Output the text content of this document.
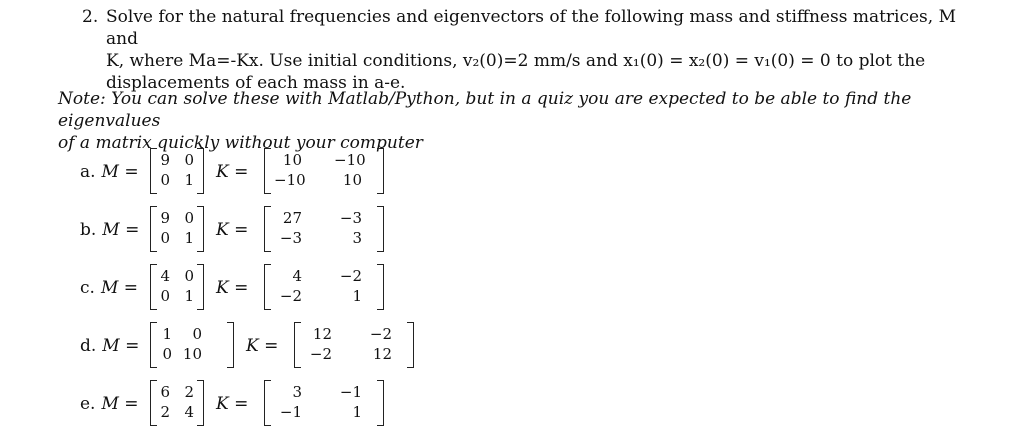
2. Solve for the natural frequencies and eigenvectors of the following mass and stiffness matrices, M and
K, where Ma=-Kx. Use initial conditions, v₂(0)=2 mm/s and x₁(0) = x₂(0) = v₁(0) = 0 to plot the
displacements of each mass in a-e.
Note: You can solve these with Matlab/Python, but in a quiz you are expected to be able to find the eigenvalues
of a matrix quickly without your computer
a. M =
9 0
0 1 K =
10 −10
−10	10
b. M =
9 0
0 1 K =
27	−3
−3	3
c. M =
4 0
0 1 K =
4	−2
−2	1
d. M =
1	0
0 10	K =
12	−2
−2	12
e. M =
6 2
2 4 K =
3	−1
−1	1
